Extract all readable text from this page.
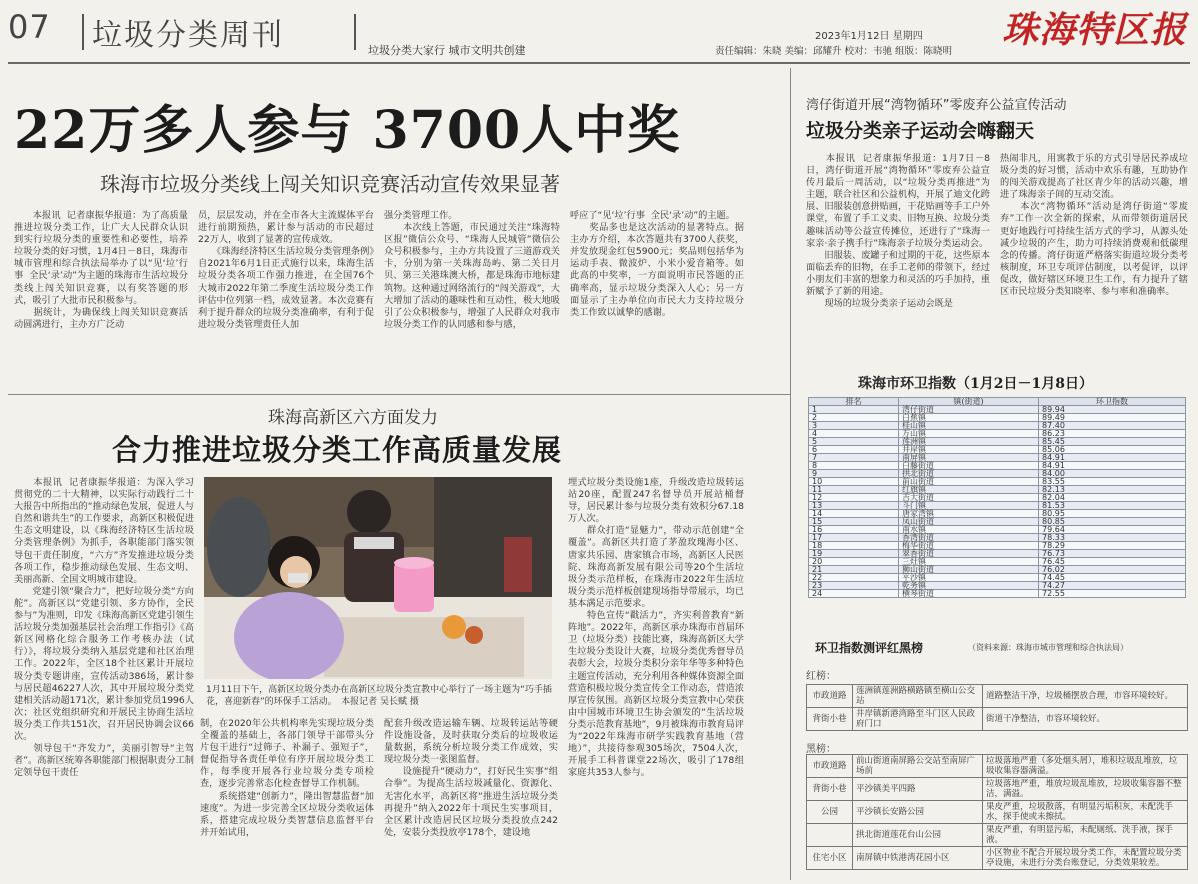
07 垃圾分类周刊	垃圾分类大家行 城市文明共创建
2023年1月12日 星期四
责任编辑：朱晓 美编：邱耀升 校对：韦驰 组版：陈晓明
珠海特区报
22万多人参与 3700人中奖
珠海市垃圾分类线上闯关知识竞赛活动宣传效果显著
　　本报讯  记者康振华报道：为了高质量推进垃圾分类工作，让广大人民群众认识到实行垃圾分类的重要性和必要性，培养垃圾分类的好习惯，1月4日－8日，珠海市城市管理和综合执法局举办了以“见‘垃’行事  全民‘录’动”为主题的珠海市生活垃圾分类线上闯关知识竞赛，以有奖答题的形式，吸引了大批市民积极参与。
　　据统计，为确保线上闯关知识竞赛活动圆满进行，主办方广泛动
员，层层发动，并在全市各大主流媒体平台进行前期预热，累计参与活动的市民超过22万人，收到了显著的宣传成效。
　　《珠海经济特区生活垃圾分类管理条例》自2021年6月1日正式施行以来，珠海生活垃圾分类各项工作强力推进，在全国76个大城市2022年第二季度生活垃圾分类工作评估中位列第一档，成效显著。本次竞赛有利于提升群众的垃圾分类准确率，有利于促进垃圾分类管理责任人加
强分类管理工作。
　　本次线上答题，市民通过关注“珠海特区报”微信公众号、“珠海人民城管”微信公众号积极参与，主办方共设置了三道游戏关卡，分别为第一关珠海岛屿、第二关日月贝、第三关港珠澳大桥，都是珠海市地标建筑物。这种通过网络流行的“闯关游戏”，大大增加了活动的趣味性和互动性，极大地吸引了公众积极参与，增强了人民群众对我市垃圾分类工作的认同感和参与感，
呼应了“见‘垃’行事  全民‘录’动”的主题。
　　奖品多也是这次活动的显著特点。据主办方介绍，本次答题共有3700人获奖，并发放现金红包5900元；奖品则包括华为运动手表、微波炉、小米小爱音箱等。如此高的中奖率，一方面说明市民答题的正确率高，显示垃圾分类深入人心；另一方面显示了主办单位向市民大力支持垃圾分类工作致以诚挚的感谢。
珠海高新区六方面发力
合力推进垃圾分类工作高质量发展
　　本报讯  记者康振华报道：为深入学习贯彻党的二十大精神，以实际行动践行二十大报告中所指出的“推动绿色发展，促进人与自然和谐共生”的工作要求，高新区积极促进生态文明建设，以《珠海经济特区生活垃圾分类管理条例》为抓手，各职能部门落实领导包干责任制度，“六方”齐发推进垃圾分类各项工作，稳步推动绿色发展、生态文明、美丽高新、全国文明城市建设。
　　党建引领“聚合力”，把好垃圾分类“方向舵”。高新区以“党建引领、多方协作，全民参与”为准则，印发《珠海高新区党建引领生活垃圾分类加强基层社会治理工作指引》《高新区网格化综合服务工作考核办法（试行）》，将垃圾分类纳入基层党建和社区治理工作。2022年，全区18个社区累计开展垃圾分类专题讲座，宣传活动386场，累计参与居民超46227人次，其中开展垃圾分类党建相关活动超171次，累计参加党员1996人次；社区党组织研究和开展民主协商生活垃圾分类工作共151次，召开居民协调会议66次。
　　领导包干“齐发力”，美丽引智导“主驾者”。高新区统筹各职能部门根据职责分工制定领导包干责任
1月11日下午，高新区垃圾分类办在高新区垃圾分类宣教中心举行了一场主题为“巧手插花，喜迎新春”的环保手工活动。　本报记者 吴长赋 摄
制，在2020年公共机构率先实现垃圾分类全覆盖的基础上，各部门领导干部带头分片包干进行“过筛子、补漏子、强短子”，督促指导各责任单位有序开展垃圾分类工作，每季度开展各行业垃圾分类专项检查，逐步完善常态化检查督导工作机制。
　　系统搭建“创新力”，隆出智慧监督“加速度”。为进一步完善全区垃圾分类收运体系，搭建完成垃圾分类智慧信息监督平台并开始试用，
配套升级改造运输车辆、垃圾转运站等硬件设施设备，及时获取分类后的垃圾收运量数据，系统分析垃圾分类工作成效，实现垃圾分类一张图监督。
　　设施提升“硬动力”，打好民生实事“组合拳”。为提高生活垃圾减量化、资源化、无害化水平，高新区将“推进生活垃圾分类再提升”纳入2022年十项民生实事项目，全区累计改造居民区垃圾分类投放点242处，安装分类投放亭178个，建设地
埋式垃圾分类设施1座，升级改造垃圾转运站20座，配置247名督导员开展站桶督导，居民累计参与垃圾分类有效积分67.18万人次。
　　群众打造“显魅力”，带动示范创建“全覆盖”。高新区共打造了茅盈玫瑰海小区、唐家共乐园、唐家镇合市场，高新区人民医院、珠海高新发展有限公司等20个生活垃圾分类示范样板，在珠海市2022年生活垃圾分类示范样板创建现场指导带展示，均已基本满足示范要求。
　　特色宣传“戳活力”，齐实利普教育“新阵地”。2022年，高新区承办珠海市首届环卫（垃圾分类）技能比赛，珠海高新区大学生垃圾分类设计大赛，垃圾分类优秀督导员表彰大会，垃圾分类积分亲年华等多种特色主题宣传活动，充分利用各种媒体资源全面营造积极垃圾分类宣传全工作动态，营造浓厚宣传氛围。高新区垃圾分类宣教中心荣获由中国城市环境卫生协会颁发的“生活垃圾分类示范教育基地”，9月被珠海市教育局评为“2022年珠海市研学实践教育基地（营地）”，共接待参观305场次，7504人次，开展手工科普课堂22场次，吸引了178组家庭共353人参与。
湾仔街道开展“湾物循环”零废弃公益宣传活动
垃圾分类亲子运动会嗨翻天
　　本报讯  记者康振华报道：1月7日－8日，湾仔街道开展“湾物循环”零废弃公益宣传月最后一周活动，以“垃圾分类再推进”为主题，联合社区和公益机构，开展了迪文化跨展、旧服装创意拼贴画，干花贴画等手工户外课堂，布置了手工义卖、旧物互换、垃圾分类趣味活动等公益宣传摊位，还进行了“珠海一家亲·亲子携手行”珠海亲子垃圾分类运动会。
　　旧服装、废罐子和过期的干花，这些原本面临丢弃的旧物，在手工老师的带领下，经过小朋友们丰富的想象力和灵活的巧手加持，重新赋予了新的用途。
　　现场的垃圾分类亲子运动会既是
热闹非凡，用寓教于乐的方式引导居民养成垃圾分类的好习惯，活动中欢乐有趣，互助协作的闯关游戏提高了社区青少年的活动兴趣，增进了珠海亲子间的互动交流。
　　本次“湾物循环”活动是湾仔街道“零废弃”工作一次全新的探索，从而带领街道居民更好地践行可持续生活方式的学习，从源头处减少垃圾的产生，助力可持续消费观和低碳理念的传播。湾仔街道严格落实街道垃圾分类考核制度，环卫专项评估制度，以考促评，以评促改，做好辖区环境卫生工作，有力提升了辖区市民垃圾分类知晓率、参与率和准确率。
珠海市环卫指数（1月2日－1月8日）
排名	镇(街道)	环卫指数
1	湾仔街道	89.94
2	白蕉镇	89.49
3	桂山镇	87.40
4	万山镇	86.23
5	莲洲镇	85.45
6	井岸镇	85.06
7	南屏镇	84.91
8	白藤街道	84.91
9	拱北街道	84.00
10	前山街道	83.55
11	红旗镇	82.13
12	吉大街道	82.04
13	斗门镇	81.53
14	唐家湾镇	80.95
15	凤山街道	80.85
16	南水镇	79.64
17	香湾街道	78.33
18	梅华街道	78.29
19	翠香街道	76.73
20	三灶镇	76.45
21	狮山街道	76.02
22	平沙镇	74.45
23	乾务镇	74.27
24	横琴街道	72.55
环卫指数测评红黑榜	（资料来源：珠海市城市管理和综合执法局）
红榜：
市政道路	莲洲镇莲洲路横路镇至横山公交站	道路整洁干净，垃圾桶摆放合理，市容环境较好。
背街小巷	井岸镇新港湾路至斗门区人民政府门口	街道干净整洁，市容环境较好。
黑榜：
市政道路	前山街道南屏路公交站至南屏广场前	垃圾落地严重（多处烟头屑），堆积垃圾乱堆放，垃圾收集容器满溢。
背街小巷	平沙镇美平四路	垃圾落地严重，堆放垃圾乱堆放，垃圾收集容器不整洁，满溢。
公园	平沙镇长安路公园	果皮严重，垃圾散落，有明显污垢积灰，未配洗手水，探手使或未擦拭。
	拱北街道莲花台山公园	果皮严重，有明显污垢，未配厕纸、洗手液，探手液。
住宅小区	南屏镇中铁港湾花园小区	小区物业不配合开展垃圾分类工作，未配置垃圾分类亭设施，未进行分类台账登记，分类效果较差。
